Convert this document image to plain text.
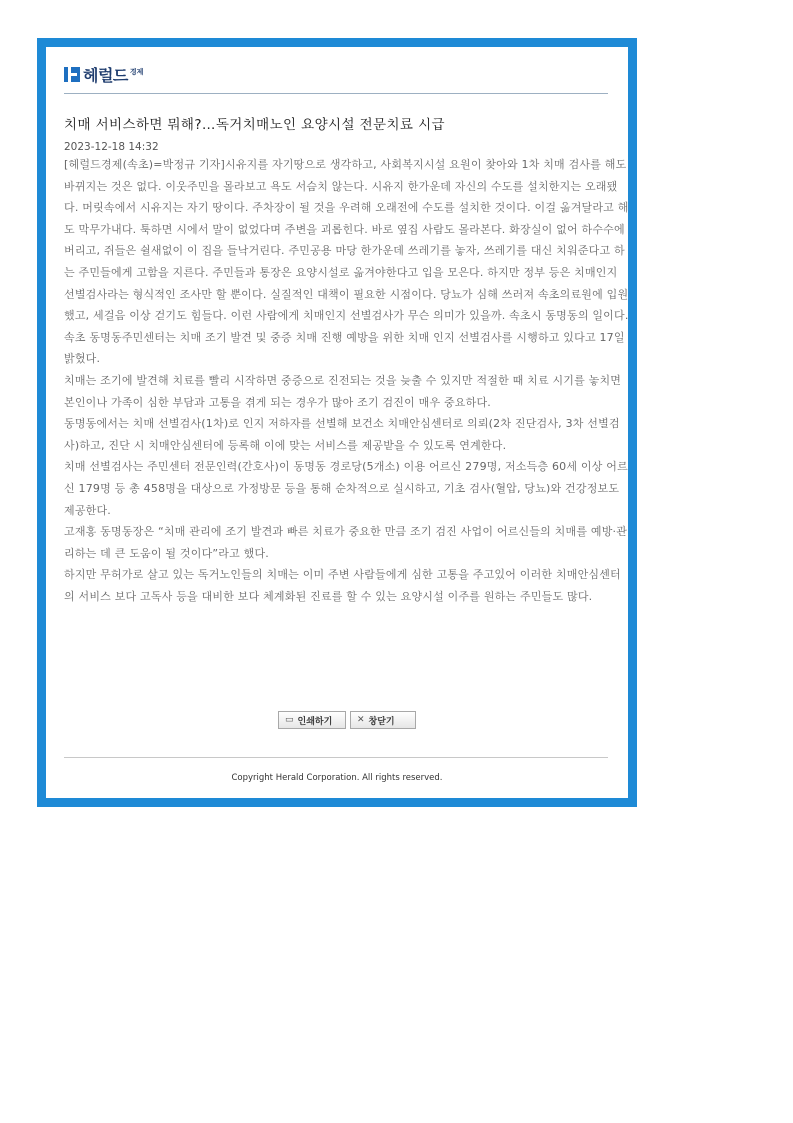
헤럴드 경제
치매 서비스하면 뭐해?…독거치매노인 요양시설 전문치료 시급
2023-12-18 14:32

[헤럴드경제(속초)=박정규 기자]시유지를 자기땅으로 생각하고, 사회복지시설 요원이 찾아와 1차 치매 검사를 해도 바뀌지는 것은 없다. 이웃주민을 몰라보고 욕도 서슴치 않는다. 시유지 한가운데 자신의 수도를 설치한지는 오래됐다. 머릿속에서 시유지는 자기 땅이다. 주차장이 될 것을 우려해 오래전에 수도를 설치한 것이다. 이걸 옮겨달라고 해도 막무가내다. 툭하면 시에서 말이 없었다며 주변을 괴롭힌다. 바로 옆집 사람도 몰라본다. 화장실이 없어 하수수에 버리고, 쥐들은 쉴새없이 이 집을 들낙거린다. 주민공용 마당 한가운데 쓰레기를 놓자, 쓰레기를 대신 치워준다고 하는 주민들에게 고함을 지른다. 주민들과 통장은 요양시설로 옮겨야한다고 입을 모은다. 하지만 정부 등은 치매인지 선별검사라는 형식적인 조사만 할 뿐이다. 실질적인 대책이 필요한 시점이다. 당뇨가 심해 쓰러져 속초의료원에 입원했고, 세걸음 이상 걷기도 힘들다. 이런 사람에게 치매인지 선별검사가 무슨 의미가 있을까. 속초시 동명동의 일이다.

속초 동명동주민센터는 치매 조기 발견 및 중증 치매 진행 예방을 위한 치매 인지 선별검사를 시행하고 있다고 17일 밝혔다.

치매는 조기에 발견해 치료를 빨리 시작하면 중증으로 진전되는 것을 늦출 수 있지만 적절한 때 치료 시기를 놓치면 본인이나 가족이 심한 부담과 고통을 겪게 되는 경우가 많아 조기 검진이 매우 중요하다.

동명동에서는 치매 선별검사(1차)로 인지 저하자를 선별해 보건소 치매안심센터로 의뢰(2차 진단검사, 3차 선별검사)하고, 진단 시 치매안심센터에 등록해 이에 맞는 서비스를 제공받을 수 있도록 연계한다.

치매 선별검사는 주민센터 전문인력(간호사)이 동명동 경로당(5개소) 이용 어르신 279명, 저소득층 60세 이상 어르신 179명 등 총 458명을 대상으로 가정방문 등을 통해 순차적으로 실시하고, 기초 검사(혈압, 당뇨)와 건강정보도 제공한다.

고재홍 동명동장은 “치매 관리에 조기 발견과 빠른 치료가 중요한 만큼 조기 검진 사업이 어르신들의 치매를 예방·관리하는 데 큰 도움이 될 것이다”라고 했다.

하지만 무허가로 살고 있는 독거노인들의 치매는 이미 주변 사람들에게 심한 고통을 주고있어 이러한 치매안심센터의 서비스 보다 고독사 등을 대비한 보다 체계화된 진료를 할 수 있는 요양시설 이주를 원하는 주민들도 많다.

▭ 인쇄하기	✕ 창닫기
Copyright Herald Corporation. All rights reserved.
